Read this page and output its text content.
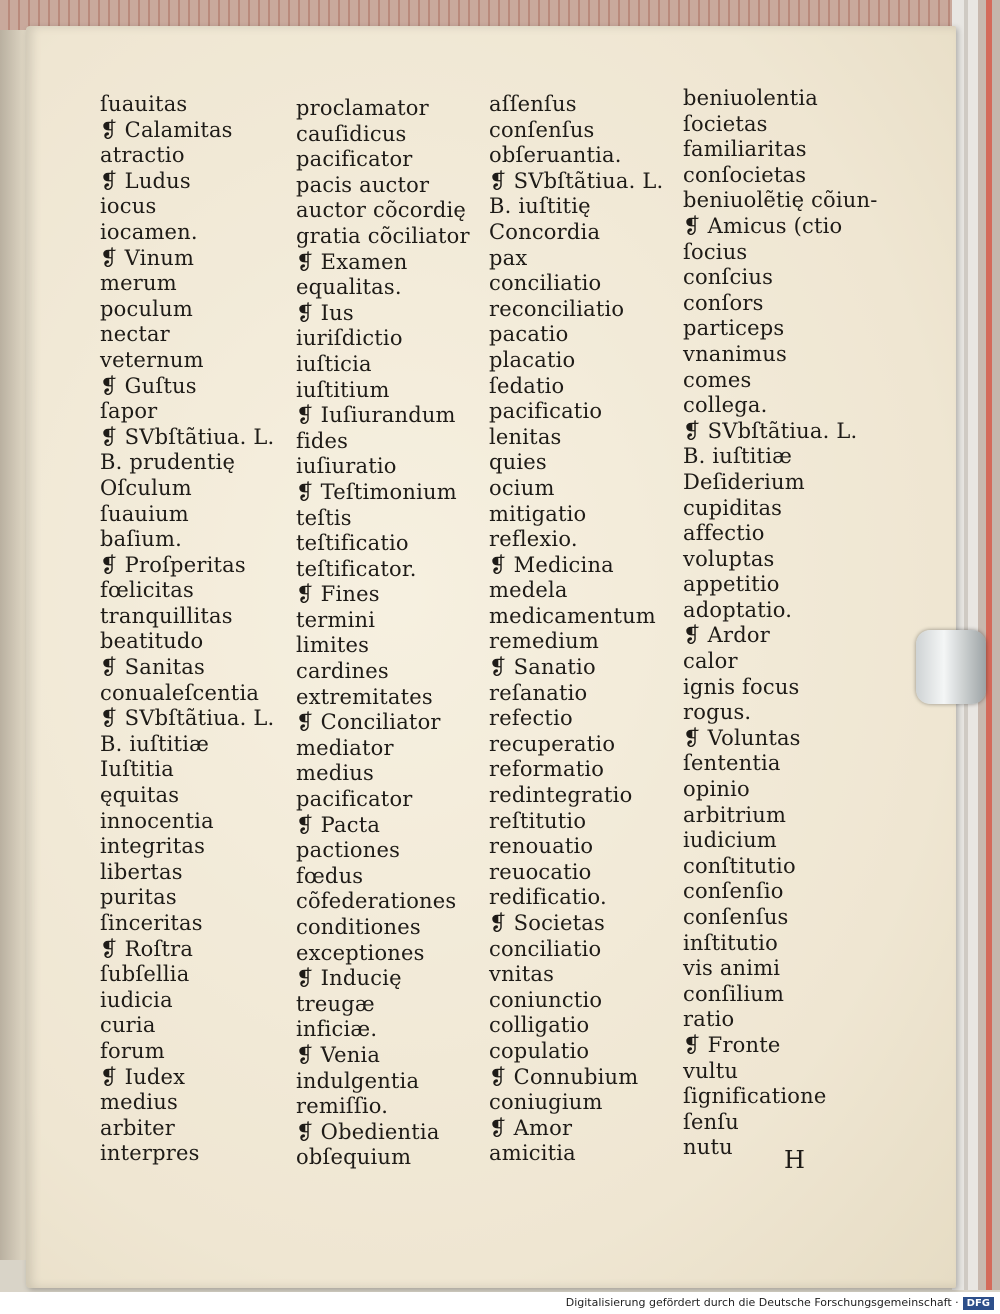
ſuauitas
❡ Calamitas
atractio
❡ Ludus
iocus
iocamen.
❡ Vinum
merum
poculum
nectar
veternum
❡ Guſtus
ſapor
❡ SVbſtãtiua. L.
B. prudentię
Oſculum
ſuauium
baſium.
❡ Proſperitas
fœlicitas
tranquillitas
beatitudo
❡ Sanitas
conualeſcentia
❡ SVbſtãtiua. L.
B. iuſtitiæ
Iuſtitia
ęquitas
innocentia
integritas
libertas
puritas
ſinceritas
❡ Roſtra
ſubſellia
iudicia
curia
forum
❡ Iudex
medius
arbiter
interpres
proclamator
cauſidicus
pacificator
pacis auctor
auctor cõcordię
gratia cõciliator
❡ Examen
equalitas.
❡ Ius
iuriſdictio
iuſticia
iuſtitium
❡ Iuſiurandum
fides
iuſiuratio
❡ Teſtimonium
teſtis
teſtificatio
teſtificator.
❡ Fines
termini
limites
cardines
extremitates
❡ Conciliator
mediator
medius
pacificator
❡ Pacta
pactiones
fœdus
cõfederationes
conditiones
exceptiones
❡ Inducię
treugæ
inficiæ.
❡ Venia
indulgentia
remiſſio.
❡ Obedientia
obſequium
aſſenſus
conſenſus
obſeruantia.
❡ SVbſtãtiua. L.
B. iuſtitię
Concordia
pax
conciliatio
reconciliatio
pacatio
placatio
ſedatio
pacificatio
lenitas
quies
ocium
mitigatio
reflexio.
❡ Medicina
medela
medicamentum
remedium
❡ Sanatio
reſanatio
refectio
recuperatio
reformatio
redintegratio
reſtitutio
renouatio
reuocatio
redificatio.
❡ Societas
conciliatio
vnitas
coniunctio
colligatio
copulatio
❡ Connubium
coniugium
❡ Amor
amicitia
beniuolentia
ſocietas
familiaritas
conſocietas
beniuolẽtię cõiun-
❡ Amicus (ctio
ſocius
conſcius
conſors
particeps
vnanimus
comes
collega.
❡ SVbſtãtiua. L.
B. iuſtitiæ
Deſiderium
cupiditas
affectio
voluptas
appetitio
adoptatio.
❡ Ardor
calor
ignis focus
rogus.
❡ Voluntas
ſententia
opinio
arbitrium
iudicium
conſtitutio
conſenſio
conſenſus
inſtitutio
vis animi
conſilium
ratio
❡ Fronte
vultu
ſignificatione
ſenſu
nutu	H
Digitalisierung gefördert durch die Deutsche Forschungsgemeinschaft · DFG
